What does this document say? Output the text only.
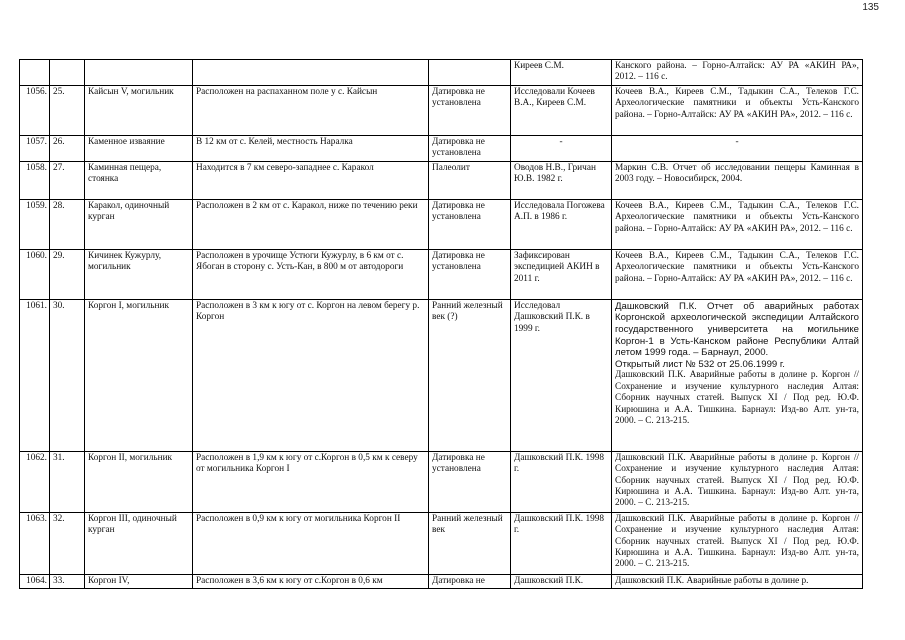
135
					Киреев С.М.	Канского района. – Горно-Алтайск: АУ РА «АКИН РА», 2012. – 116 с.
1056.	25.	Кайсын V, могильник	Расположен на распаханном поле у с. Кайсын	Датировка не установлена	Исследовали Кочеев В.А., Киреев С.М.	Кочеев В.А., Киреев С.М., Тадыкин С.А., Телеков Г.С. Археологические памятники и объекты Усть-Канского района. – Горно-Алтайск: АУ РА «АКИН РА», 2012. – 116 с.
1057.	26.	Каменное изваяние	В 12 км от с. Келей, местность Наралка	Датировка не установлена	-	-
1058.	27.	Каминная пещера, стоянка	Находится в 7 км северо-западнее с. Каракол	Палеолит	Оводов Н.В., Гричан Ю.В. 1982 г.	Маркин С.В. Отчет об исследовании пещеры Каминная в 2003 году. – Новосибирск, 2004.
1059.	28.	Каракол, одиночный курган	Расположен в 2 км от с. Каракол, ниже по течению реки	Датировка не установлена	Исследовала Погожева А.П. в 1986 г.	Кочеев В.А., Киреев С.М., Тадыкин С.А., Телеков Г.С. Археологические памятники и объекты Усть-Канского района. – Горно-Алтайск: АУ РА «АКИН РА», 2012. – 116 с.
1060.	29.	Кичинек Кужурлу, могильник	Расположен в урочище Устюги Кужурлу, в 6 км от с. Ябоган в сторону с. Усть-Кан, в 800 м от автодороги	Датировка не установлена	Зафиксирован экспедицией АКИН в 2011 г.	Кочеев В.А., Киреев С.М., Тадыкин С.А., Телеков Г.С. Археологические памятники и объекты Усть-Канского района. – Горно-Алтайск: АУ РА «АКИН РА», 2012. – 116 с.
1061.	30.	Коргон I, могильник	Расположен в 3 км к югу от с. Коргон на левом берегу р. Коргон	Ранний железный век (?)	Исследовал Дашковский П.К. в 1999 г.	Дашковский П.К. Отчет об аварийных работах Коргонской археологической экспедиции Алтайского государственного университета на могильнике Коргон-1 в Усть-Канском районе Республики Алтай летом 1999 года. – Барнаул, 2000.
Открытый лист № 532 от 25.06.1999 г.
Дашковский П.К. Аварийные работы в долине р. Коргон // Сохранение и изучение культурного наследия Алтая: Сборник научных статей. Выпуск XI / Под ред. Ю.Ф. Кирюшина и А.А. Тишкина. Барнаул: Изд-во Алт. ун-та, 2000. – С. 213-215.

1062.	31.	Коргон II, могильник	Расположен в 1,9 км к югу от с.Коргон в 0,5 км к северу от могильника Коргон I	Датировка не установлена	Дашковский П.К. 1998 г.	Дашковский П.К. Аварийные работы в долине р. Коргон // Сохранение и изучение культурного наследия Алтая: Сборник научных статей. Выпуск XI / Под ред. Ю.Ф. Кирюшина и А.А. Тишкина. Барнаул: Изд-во Алт. ун-та, 2000. – С. 213-215.
1063.	32.	Коргон III, одиночный курган	Расположен в 0,9 км к югу от могильника Коргон II	Ранний железный век	Дашковский П.К. 1998 г.	Дашковский П.К. Аварийные работы в долине р. Коргон // Сохранение и изучение культурного наследия Алтая: Сборник научных статей. Выпуск XI / Под ред. Ю.Ф. Кирюшина и А.А. Тишкина. Барнаул: Изд-во Алт. ун-та, 2000. – С. 213-215.
1064.	33.	Коргон IV,	Расположен в 3,6 км к югу от с.Коргон в 0,6 км	Датировка не	Дашковский П.К.	Дашковский П.К. Аварийные работы в долине р.
